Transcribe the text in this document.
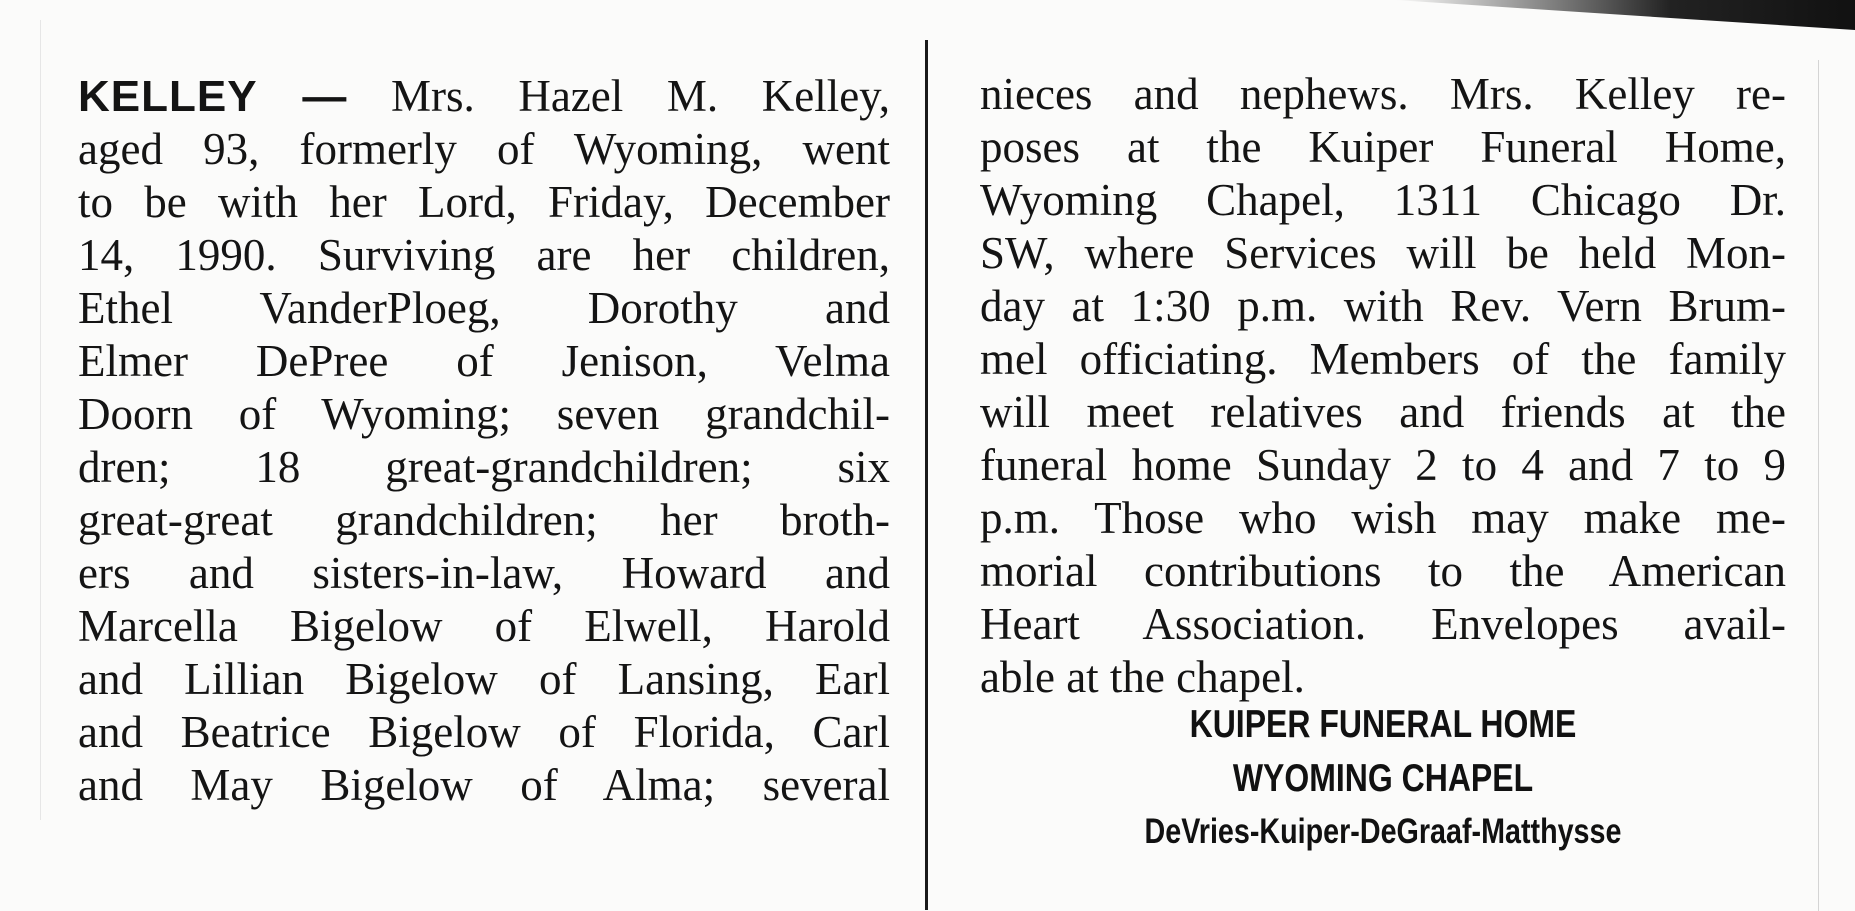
KELLEY — Mrs. Hazel M. Kelley,
aged 93, formerly of Wyoming, went
to be with her Lord, Friday, December
14, 1990. Surviving are her children,
Ethel VanderPloeg, Dorothy and
Elmer DePree of Jenison, Velma
Doorn of Wyoming; seven grandchil-
dren; 18 great-grandchildren; six
great-great grandchildren; her broth-
ers and sisters-in-law, Howard and
Marcella Bigelow of Elwell, Harold
and Lillian Bigelow of Lansing, Earl
and Beatrice Bigelow of Florida, Carl
and May Bigelow of Alma; several
nieces and nephews. Mrs. Kelley re-
poses at the Kuiper Funeral Home,
Wyoming Chapel, 1311 Chicago Dr.
SW, where Services will be held Mon-
day at 1:30 p.m. with Rev. Vern Brum-
mel officiating. Members of the family
will meet relatives and friends at the
funeral home Sunday 2 to 4 and 7 to 9
p.m. Those who wish may make me-
morial contributions to the American
Heart Association. Envelopes avail-
able at the chapel.
KUIPER FUNERAL HOME
WYOMING CHAPEL
DeVries-Kuiper-DeGraaf-Matthysse
